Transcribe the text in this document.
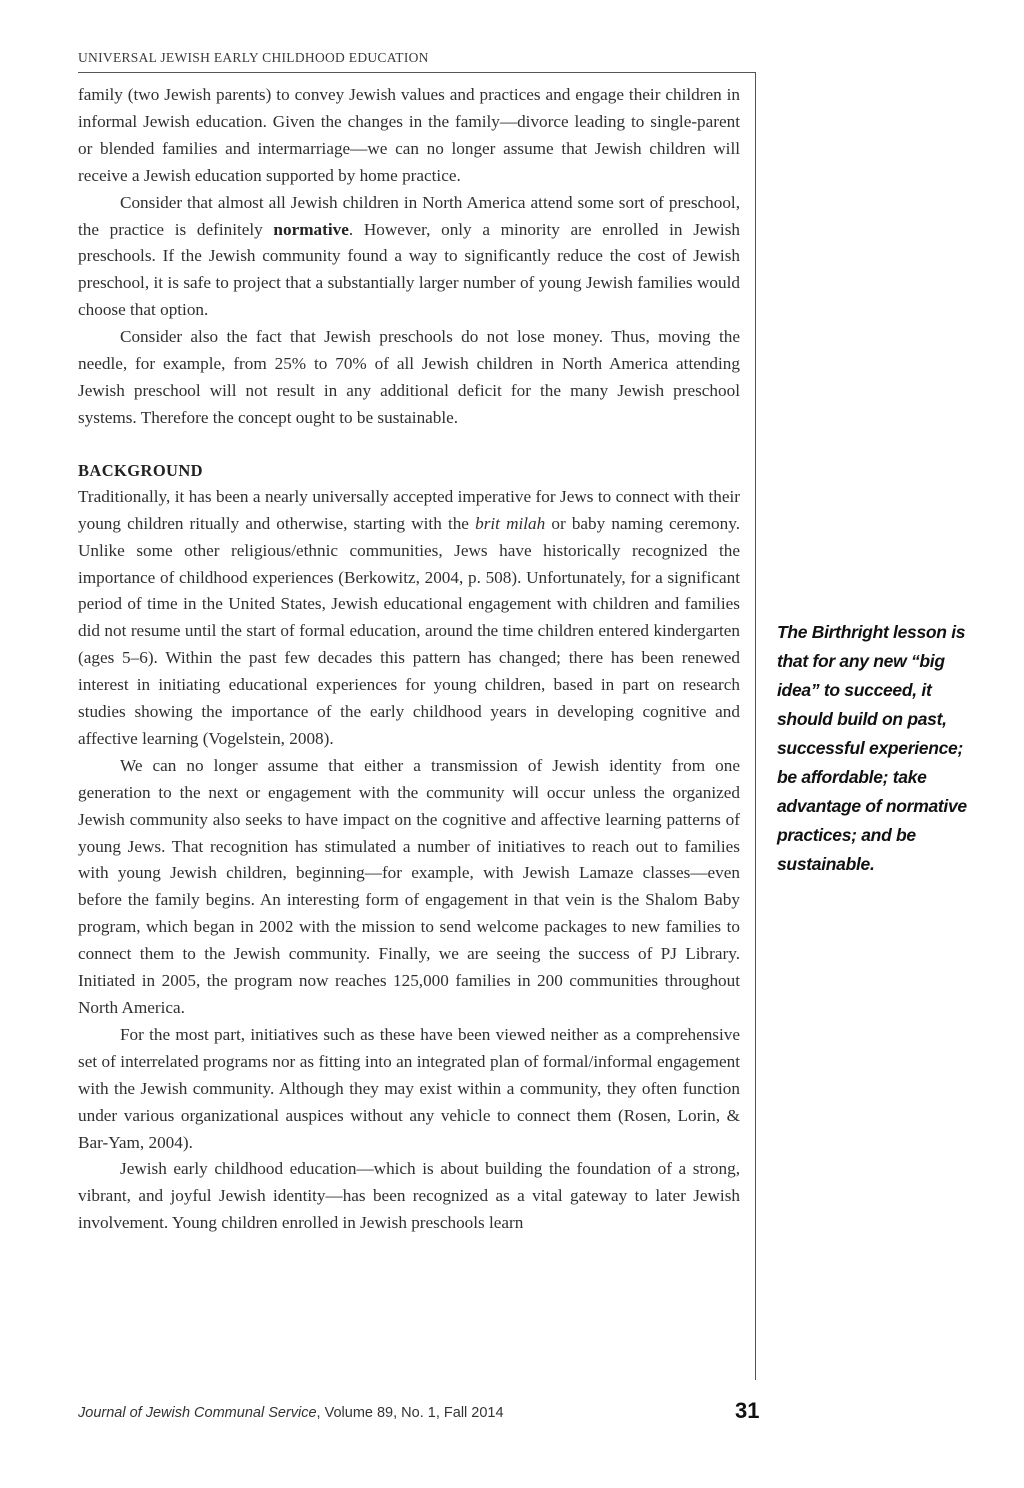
UNIVERSAL JEWISH EARLY CHILDHOOD EDUCATION

family (two Jewish parents) to convey Jewish values and practices and engage their children in informal Jewish education. Given the changes in the family—divorce leading to single-parent or blended families and intermarriage—we can no longer assume that Jewish children will receive a Jewish education supported by home practice.

Consider that almost all Jewish children in North America attend some sort of preschool, the practice is definitely normative. However, only a minority are enrolled in Jewish preschools. If the Jewish community found a way to significantly reduce the cost of Jewish preschool, it is safe to project that a substantially larger number of young Jewish families would choose that option.

Consider also the fact that Jewish preschools do not lose money. Thus, moving the needle, for example, from 25% to 70% of all Jewish children in North America attending Jewish preschool will not result in any additional deficit for the many Jewish preschool systems. Therefore the concept ought to be sustainable.

BACKGROUND

Traditionally, it has been a nearly universally accepted imperative for Jews to connect with their young children ritually and otherwise, starting with the brit milah or baby naming ceremony. Unlike some other religious/ethnic communities, Jews have historically recognized the importance of childhood experiences (Berkowitz, 2004, p. 508). Unfortunately, for a significant period of time in the United States, Jewish educational engagement with children and families did not resume until the start of formal education, around the time children entered kindergarten (ages 5–6). Within the past few decades this pattern has changed; there has been renewed interest in initiating educational experiences for young children, based in part on research studies showing the importance of the early childhood years in developing cognitive and affective learning (Vogelstein, 2008).

We can no longer assume that either a transmission of Jewish identity from one generation to the next or engagement with the community will occur unless the organized Jewish community also seeks to have impact on the cognitive and affective learning patterns of young Jews. That recognition has stimulated a number of initiatives to reach out to families with young Jewish children, beginning—for example, with Jewish Lamaze classes—even before the family begins. An interesting form of engagement in that vein is the Shalom Baby program, which began in 2002 with the mission to send welcome packages to new families to connect them to the Jewish community. Finally, we are seeing the success of PJ Library. Initiated in 2005, the program now reaches 125,000 families in 200 communities throughout North America.

For the most part, initiatives such as these have been viewed neither as a comprehensive set of interrelated programs nor as fitting into an integrated plan of formal/informal engagement with the Jewish community. Although they may exist within a community, they often function under various organizational auspices without any vehicle to connect them (Rosen, Lorin, & Bar-Yam, 2004).

Jewish early childhood education—which is about building the foundation of a strong, vibrant, and joyful Jewish identity—has been recognized as a vital gateway to later Jewish involvement. Young children enrolled in Jewish preschools learn

The Birthright lesson is that for any new “big idea” to succeed, it should build on past, successful experience; be affordable; take advantage of normative practices; and be sustainable.
Journal of Jewish Communal Service, Volume 89, No. 1, Fall 2014	31
